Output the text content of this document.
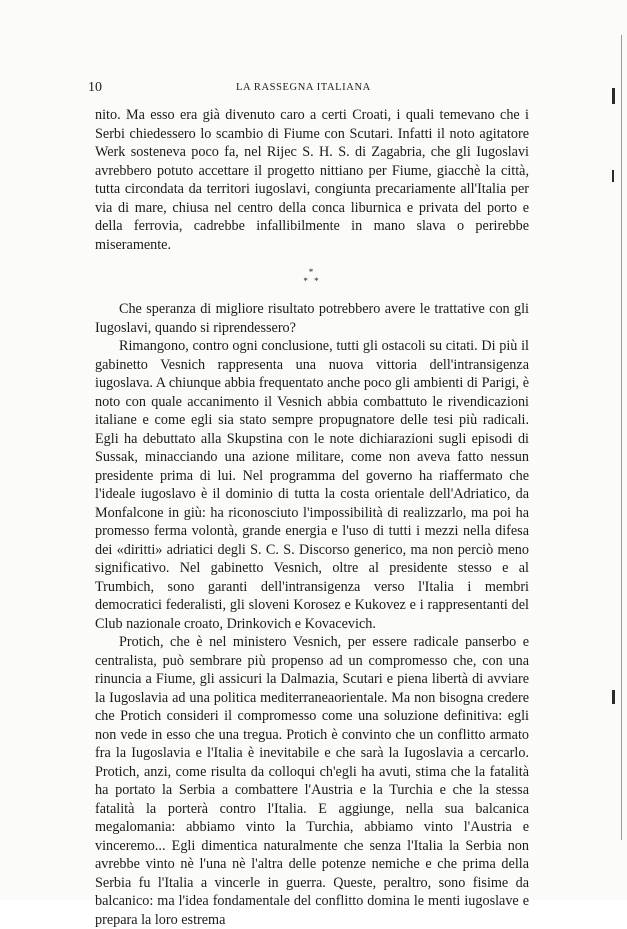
10	LA RASSEGNA ITALIANA

nito. Ma esso era già divenuto caro a certi Croati, i quali temevano che i Serbi chiedessero lo scambio di Fiume con Scutari. Infatti il noto agitatore Werk sosteneva poco fa, nel Rijec S. H. S. di Zagabria, che gli Iugoslavi avrebbero potuto accettare il progetto nittiano per Fiume, giacchè la città, tutta circondata da territori iugoslavi, congiunta precariamente all'Italia per via di mare, chiusa nel centro della conca liburnica e privata del porto e della ferrovia, cadrebbe infallibilmente in mano slava o perirebbe miseramente.

*
* *

Che speranza di migliore risultato potrebbero avere le trattative con gli Iugoslavi, quando si riprendessero?

Rimangono, contro ogni conclusione, tutti gli ostacoli su citati. Di più il gabinetto Vesnich rappresenta una nuova vittoria dell'intransigenza iugoslava. A chiunque abbia frequentato anche poco gli ambienti di Parigi, è noto con quale accanimento il Vesnich abbia combattuto le rivendicazioni italiane e come egli sia stato sempre propugnatore delle tesi più radicali. Egli ha debuttato alla Skupstina con le note dichiarazioni sugli episodi di Sussak, minacciando una azione militare, come non aveva fatto nessun presidente prima di lui. Nel programma del governo ha riaffermato che l'ideale iugoslavo è il dominio di tutta la costa orientale dell'Adriatico, da Monfalcone in giù: ha riconosciuto l'impossibilità di realizzarlo, ma poi ha promesso ferma volontà, grande energia e l'uso di tutti i mezzi nella difesa dei «diritti» adriatici degli S. C. S. Discorso generico, ma non perciò meno significativo. Nel gabinetto Vesnich, oltre al presidente stesso e al Trumbich, sono garanti dell'intransigenza verso l'Italia i membri democratici federalisti, gli sloveni Korosez e Kukovez e i rappresentanti del Club nazionale croato, Drinkovich e Kovacevich.

Protich, che è nel ministero Vesnich, per essere radicale panserbo e centralista, può sembrare più propenso ad un compromesso che, con una rinuncia a Fiume, gli assicuri la Dalmazia, Scutari e piena libertà di avviare la Iugoslavia ad una politica mediterraneaorientale. Ma non bisogna credere che Protich consideri il compromesso come una soluzione definitiva: egli non vede in esso che una tregua. Protich è convinto che un conflitto armato fra la Iugoslavia e l'Italia è inevitabile e che sarà la Iugoslavia a cercarlo. Protich, anzi, come risulta da colloqui ch'egli ha avuti, stima che la fatalità ha portato la Serbia a combattere l'Austria e la Turchia e che la stessa fatalità la porterà contro l'Italia. E aggiunge, nella sua balcanica megalomania: abbiamo vinto la Turchia, abbiamo vinto l'Austria e vinceremo... Egli dimentica naturalmente che senza l'Italia la Serbia non avrebbe vinto nè l'una nè l'altra delle potenze nemiche e che prima della Serbia fu l'Italia a vincerle in guerra. Queste, peraltro, sono fisime da balcanico: ma l'idea fondamentale del conflitto domina le menti iugoslave e prepara la loro estrema
